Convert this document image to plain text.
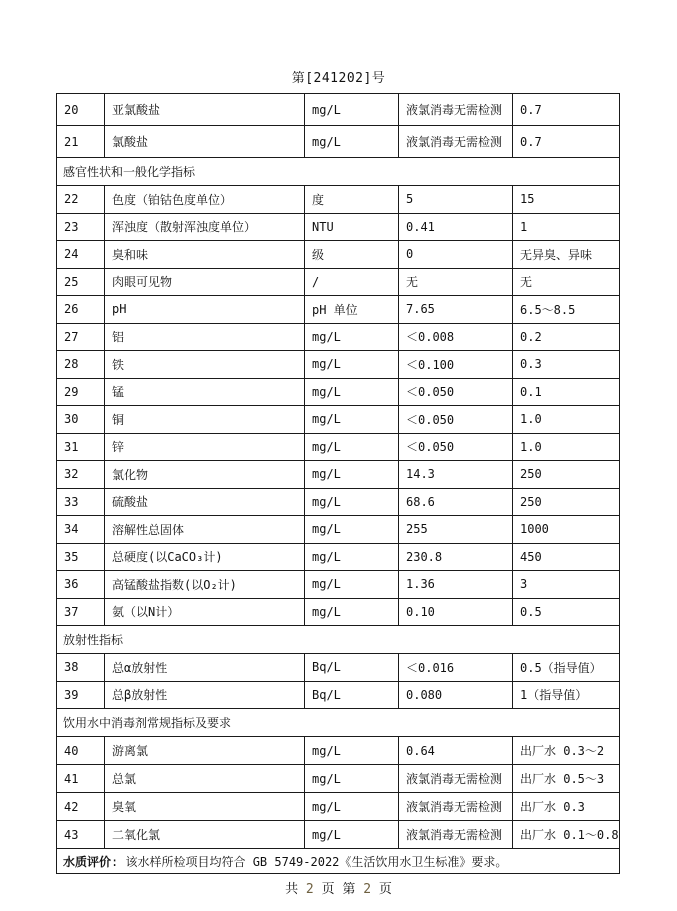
第[241202]号
20	亚氯酸盐	mg/L	液氯消毒无需检测	0.7
21	氯酸盐	mg/L	液氯消毒无需检测	0.7
感官性状和一般化学指标				
22	色度（铂钴色度单位）	度	5	15
23	浑浊度（散射浑浊度单位）	NTU	0.41	1
24	臭和味	级	0	无异臭、异味
25	肉眼可见物	/	无	无
26	pH	pH 单位	7.65	6.5～8.5
27	铝	mg/L	＜0.008	0.2
28	铁	mg/L	＜0.100	0.3
29	锰	mg/L	＜0.050	0.1
30	铜	mg/L	＜0.050	1.0
31	锌	mg/L	＜0.050	1.0
32	氯化物	mg/L	14.3	250
33	硫酸盐	mg/L	68.6	250
34	溶解性总固体	mg/L	255	1000
35	总硬度(以CaCO₃计)	mg/L	230.8	450
36	高锰酸盐指数(以O₂计)	mg/L	1.36	3
37	氨（以N计）	mg/L	0.10	0.5
放射性指标				
38	总α放射性	Bq/L	＜0.016	0.5（指导值）
39	总β放射性	Bq/L	0.080	1（指导值）
饮用水中消毒剂常规指标及要求				
40	游离氯	mg/L	0.64	出厂水 0.3～2
41	总氯	mg/L	液氯消毒无需检测	出厂水 0.5～3
42	臭氧	mg/L	液氯消毒无需检测	出厂水 0.3
43	二氧化氯	mg/L	液氯消毒无需检测	出厂水 0.1～0.8
水质评价: 该水样所检项目均符合 GB 5749-2022《生活饮用水卫生标准》要求。				
共 2 页 第 2 页
